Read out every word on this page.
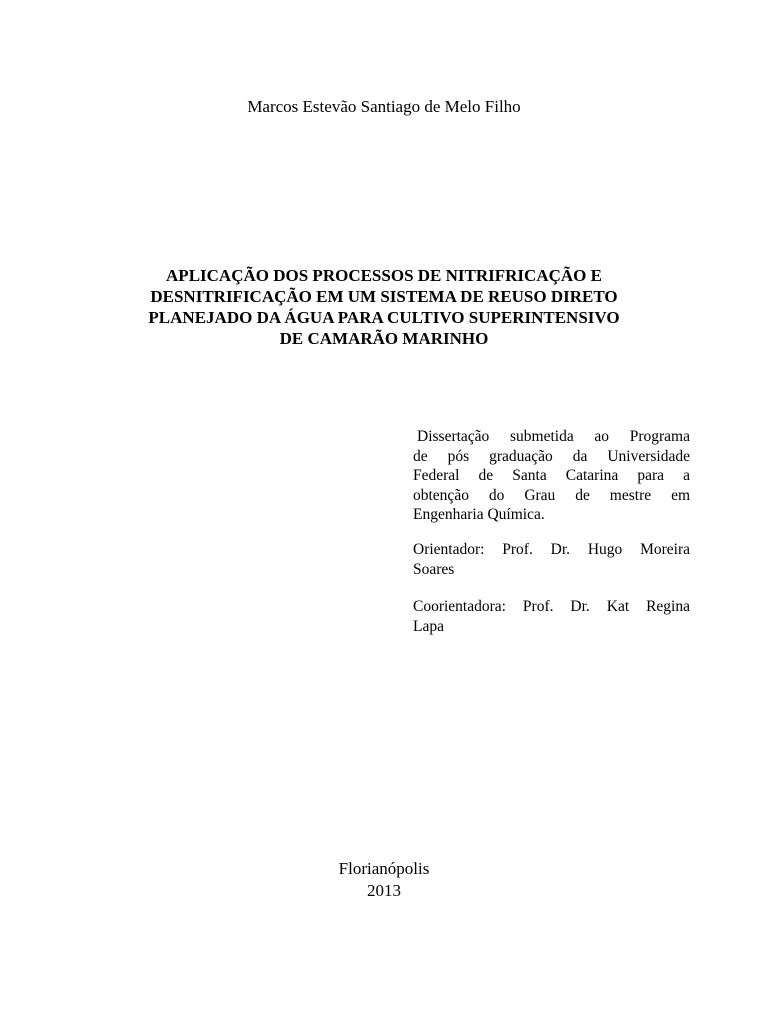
Marcos Estevão Santiago de Melo Filho
APLICAÇÃO DOS PROCESSOS DE NITRIFRICAÇÃO E
DESNITRIFICAÇÃO EM UM SISTEMA DE REUSO DIRETO
PLANEJADO DA ÁGUA PARA CULTIVO SUPERINTENSIVO
DE CAMARÃO MARINHO
Dissertação submetida ao Programa
de pós graduação da Universidade
Federal de Santa Catarina para a
obtenção do Grau de mestre em
Engenharia Química.
Orientador: Prof. Dr. Hugo Moreira
Soares
Coorientadora: Prof. Dr. Kat Regina
Lapa
Florianópolis
2013
